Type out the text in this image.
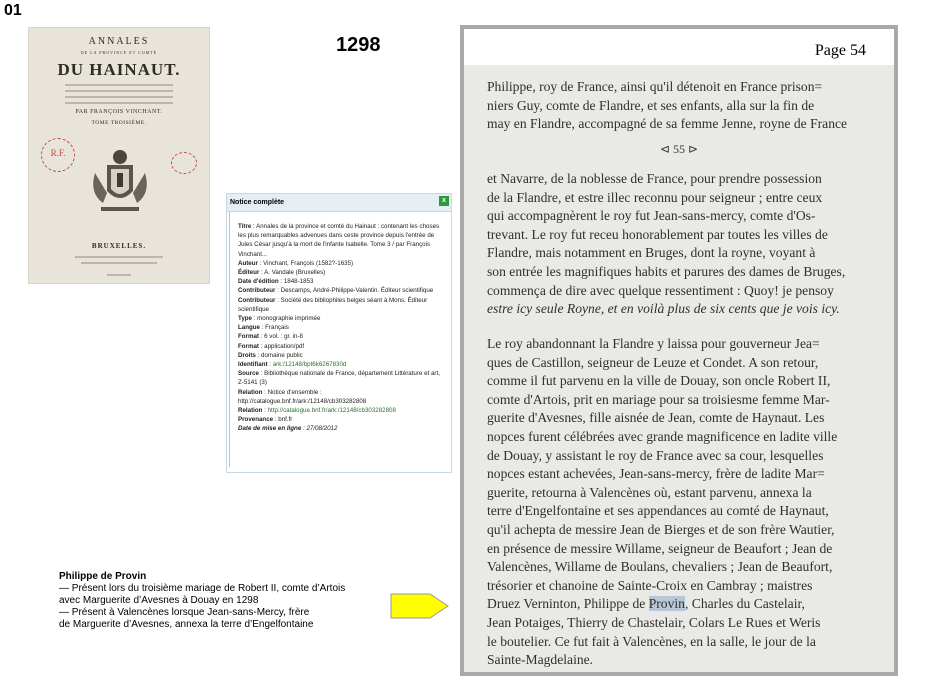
01
1298
ANNALES
DE LA PROVINCE ET COMTÉ
DU HAINAUT.
PAR FRANÇOIS VINCHANT.
TOME TROISIÈME.
R.F.
BRUXELLES.
Notice complète	x
Titre : Annales de la province et comté du Hainaut : contenant les choses les plus remarquables advenues dans ceste province depuis l'entrée de Jules César jusqu'à la mort de l'infante Isabelle. Tome 3 / par François Vinchant...
Auteur : Vinchant, François (1582?-1635)
Éditeur : A. Vandale (Bruxelles)
Date d'édition : 1848-1853
Contributeur : Descamps, André-Philippe-Valentin. Éditeur scientifique
Contributeur : Société des bibliophiles belges séant à Mons. Éditeur scientifique
Type : monographie imprimée
Langue : Français
Format : 6 vol. : gr. in-8
Format : application/pdf
Droits : domaine public
Identifiant : ark:/12148/bpt6k6267830d
Source : Bibliothèque nationale de France, département Littérature et art, Z-5141 (3)
Relation : Notice d'ensemble : http://catalogue.bnf.fr/ark:/12148/cb303282808
Relation : http://catalogue.bnf.fr/ark:/12148/cb303282808
Provenance : bnf.fr
Date de mise en ligne : 27/08/2012
Philippe de Provin
— Présent lors du troisième mariage de Robert II, comte d’Artois
avec Marguerite d’Avesnes à Douay en 1298
— Présent à Valencènes lorsque Jean-sans-Mercy, frère
de Marguerite d’Avesnes, annexa la terre d’Engelfontaine
Page 54
Philippe, roy de France, ainsi qu'il détenoit en France prison=
niers Guy, comte de Flandre, et ses enfants, alla sur la fin de
may en Flandre, accompagné de sa femme Jenne, royne de France
⊲ 55 ⊳
et Navarre, de la noblesse de France, pour prendre possession
de la Flandre, et estre illec reconnu pour seigneur ; entre ceux
qui accompagnèrent le roy fut Jean-sans-mercy, comte d'Os-
trevant. Le roy fut receu honorablement par toutes les villes de
Flandre, mais notamment en Bruges, dont la royne, voyant à
son entrée les magnifiques habits et parures des dames de Bruges,
commença de dire avec quelque ressentiment : Quoy! je pensoy
estre icy seule Royne, et en voilà plus de six cents que je vois icy.
Le roy abandonnant la Flandre y laissa pour gouverneur Jea=
ques de Castillon, seigneur de Leuze et Condet. A son retour,
comme il fut parvenu en la ville de Douay, son oncle Robert II,
comte d'Artois, prit en mariage pour sa troisiesme femme Mar-
guerite d'Avesnes, fille aisnée de Jean, comte de Haynaut. Les
nopces furent célébrées avec grande magnificence en ladite ville
de Douay, y assistant le roy de France avec sa cour, lesquelles
nopces estant achevées, Jean-sans-mercy, frère de ladite Mar=
guerite, retourna à Valencènes où, estant parvenu, annexa la
terre d'Engelfontaine et ses appendances au comté de Haynaut,
qu'il achepta de messire Jean de Bierges et de son frère Wautier,
en présence de messire Willame, seigneur de Beaufort ; Jean de
Valencènes, Willame de Boulans, chevaliers ; Jean de Beaufort,
trésorier et chanoine de Sainte-Croix en Cambray ; maistres
Druez Verninton, Philippe de Provin, Charles du Castelair,
Jean Potaiges, Thierry de Chastelair, Colars Le Rues et Weris
le boutelier. Ce fut fait à Valencènes, en la salle, le jour de la
Sainte-Magdelaine.
